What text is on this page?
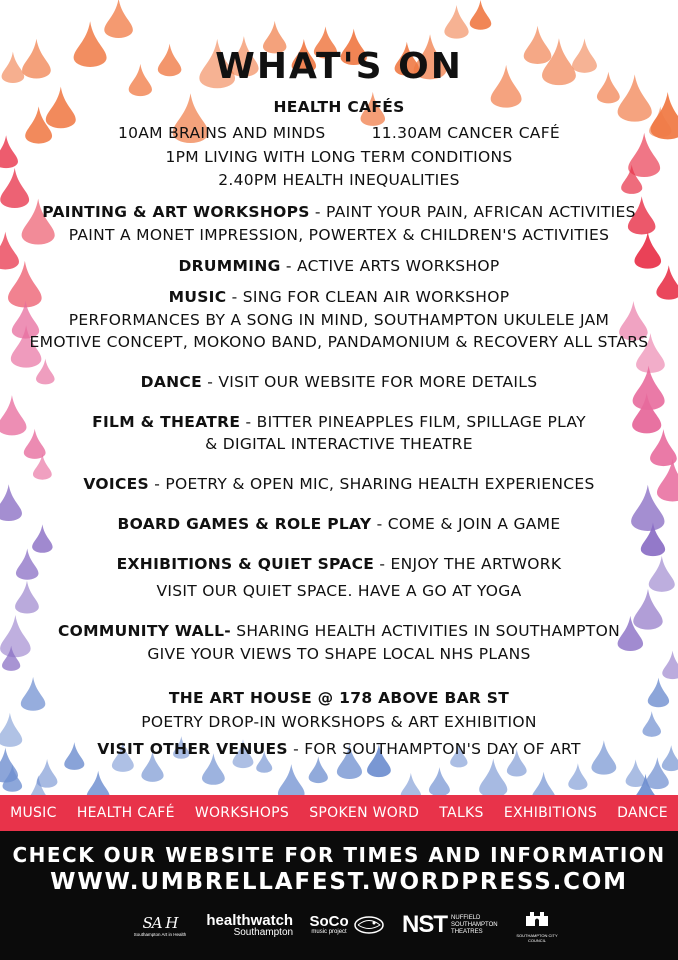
WHAT'S ON
HEALTH CAFÉS
10AM BRAINS AND MINDS	11.30AM CANCER CAFÉ
1PM LIVING WITH LONG TERM CONDITIONS
2.40PM HEALTH INEQUALITIES
PAINTING & ART WORKSHOPS - PAINT YOUR PAIN, AFRICAN ACTIVITIES
PAINT A MONET IMPRESSION, POWERTEX & CHILDREN'S ACTIVITIES
DRUMMING - ACTIVE ARTS WORKSHOP
MUSIC - SING FOR CLEAN AIR WORKSHOP
PERFORMANCES BY A SONG IN MIND, SOUTHAMPTON UKULELE JAM
EMOTIVE CONCEPT, MOKONO BAND, PANDAMONIUM & RECOVERY ALL STARS
DANCE - VISIT OUR WEBSITE FOR MORE DETAILS
FILM & THEATRE - BITTER PINEAPPLES FILM, SPILLAGE PLAY
& DIGITAL INTERACTIVE THEATRE
VOICES - POETRY & OPEN MIC, SHARING HEALTH EXPERIENCES
BOARD GAMES & ROLE PLAY - COME & JOIN A GAME
EXHIBITIONS & QUIET SPACE - ENJOY THE ARTWORK
VISIT OUR QUIET SPACE. HAVE A GO AT YOGA
COMMUNITY WALL- SHARING HEALTH ACTIVITIES IN SOUTHAMPTON
GIVE YOUR VIEWS TO SHAPE LOCAL NHS PLANS
THE ART HOUSE @ 178 ABOVE BAR ST
POETRY DROP-IN WORKSHOPS & ART EXHIBITION
VISIT OTHER VENUES - FOR SOUTHAMPTON'S DAY OF ART
MUSIC HEALTH CAFÉ WORKSHOPS SPOKEN WORD TALKS EXHIBITIONS DANCE
CHECK OUR WEBSITE FOR TIMES AND INFORMATION
WWW.UMBRELLAFEST.WORDPRESS.COM
SA H
Southampton Art in Health
healthwatch
Southampton
SoCo
music project NST NUFFIELD
SOUTHAMPTON
THEATRES
SOUTHAMPTON CITY COUNCIL
